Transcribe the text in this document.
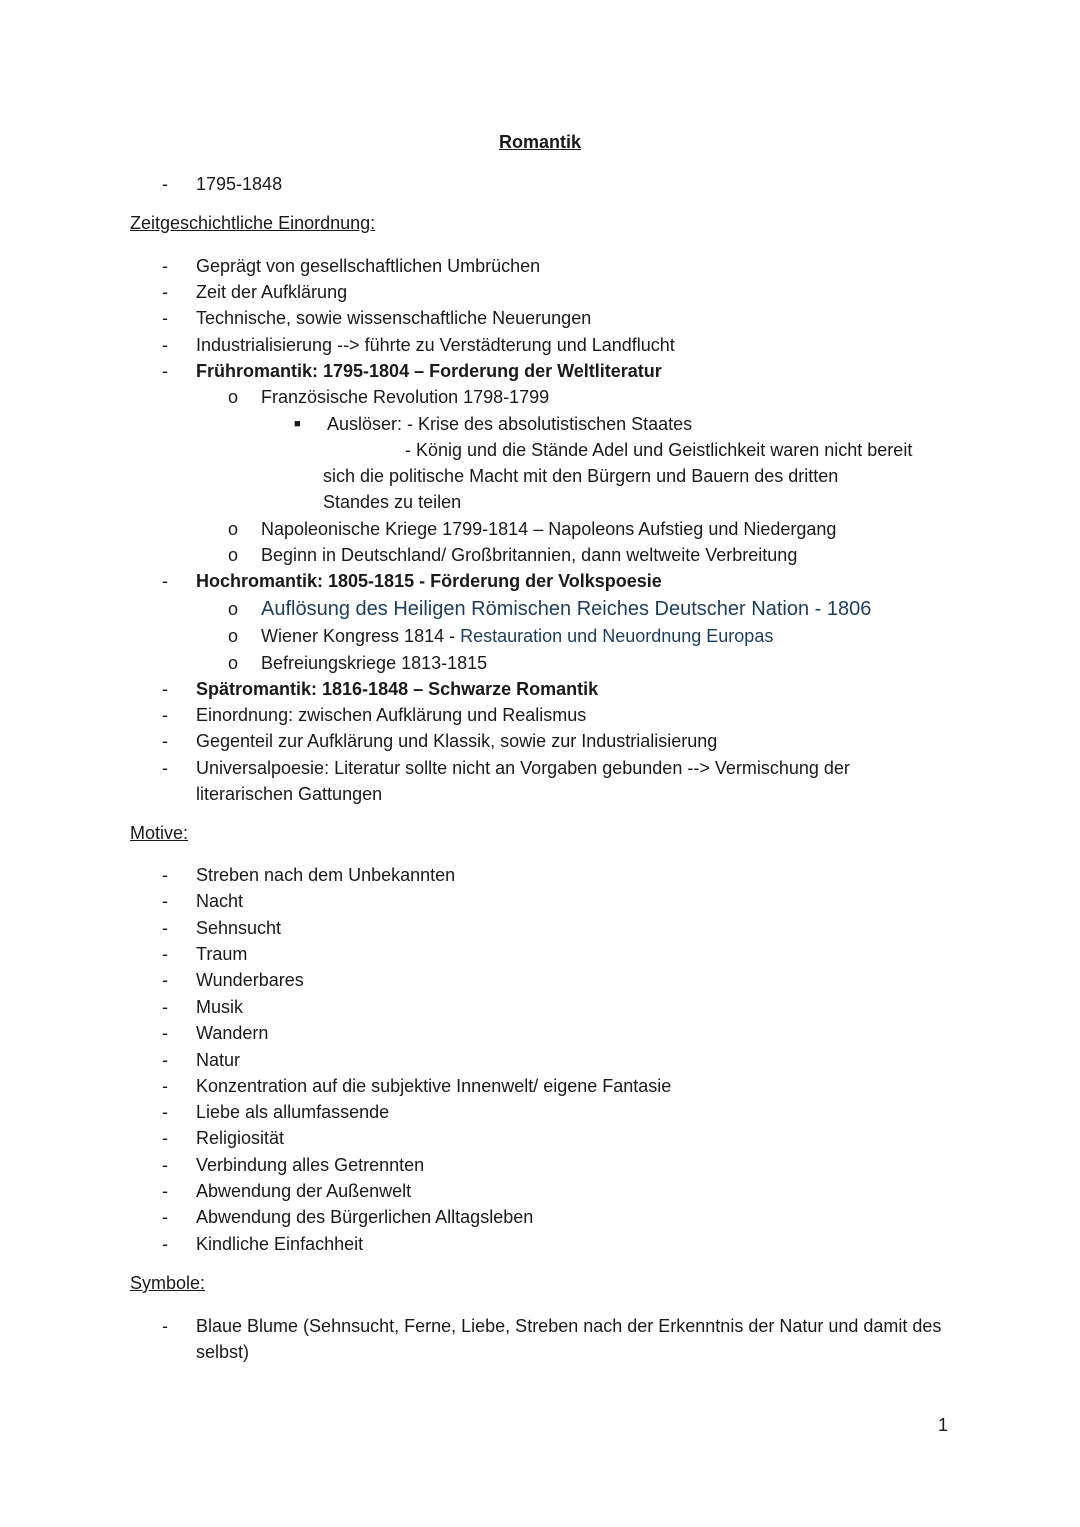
Romantik
- 1795-1848
Zeitgeschichtliche Einordnung:
- Geprägt von gesellschaftlichen Umbrüchen
- Zeit der Aufklärung
- Technische, sowie wissenschaftliche Neuerungen
- Industrialisierung --> führte zu Verstädterung und Landflucht
- Frühromantik: 1795-1804 – Forderung der Weltliteratur
o Französische Revolution 1798-1799
■ Auslöser: - Krise des absolutistischen Staates
- König und die Stände Adel und Geistlichkeit waren nicht bereit
sich die politische Macht mit den Bürgern und Bauern des dritten
Standes zu teilen
o Napoleonische Kriege 1799-1814 – Napoleons Aufstieg und Niedergang
o Beginn in Deutschland/ Großbritannien, dann weltweite Verbreitung
- Hochromantik: 1805-1815 - Förderung der Volkspoesie
o Auflösung des Heiligen Römischen Reiches Deutscher Nation - 1806
o Wiener Kongress 1814 - Restauration und Neuordnung Europas
o Befreiungskriege 1813-1815
- Spätromantik: 1816-1848 – Schwarze Romantik
- Einordnung: zwischen Aufklärung und Realismus
- Gegenteil zur Aufklärung und Klassik, sowie zur Industrialisierung
- Universalpoesie: Literatur sollte nicht an Vorgaben gebunden --> Vermischung der
literarischen Gattungen
Motive:
- Streben nach dem Unbekannten
- Nacht
- Sehnsucht
- Traum
- Wunderbares
- Musik
- Wandern
- Natur
- Konzentration auf die subjektive Innenwelt/ eigene Fantasie
- Liebe als allumfassende
- Religiosität
- Verbindung alles Getrennten
- Abwendung der Außenwelt
- Abwendung des Bürgerlichen Alltagsleben
- Kindliche Einfachheit
Symbole:
- Blaue Blume (Sehnsucht, Ferne, Liebe, Streben nach der Erkenntnis der Natur und damit des
selbst)
1
